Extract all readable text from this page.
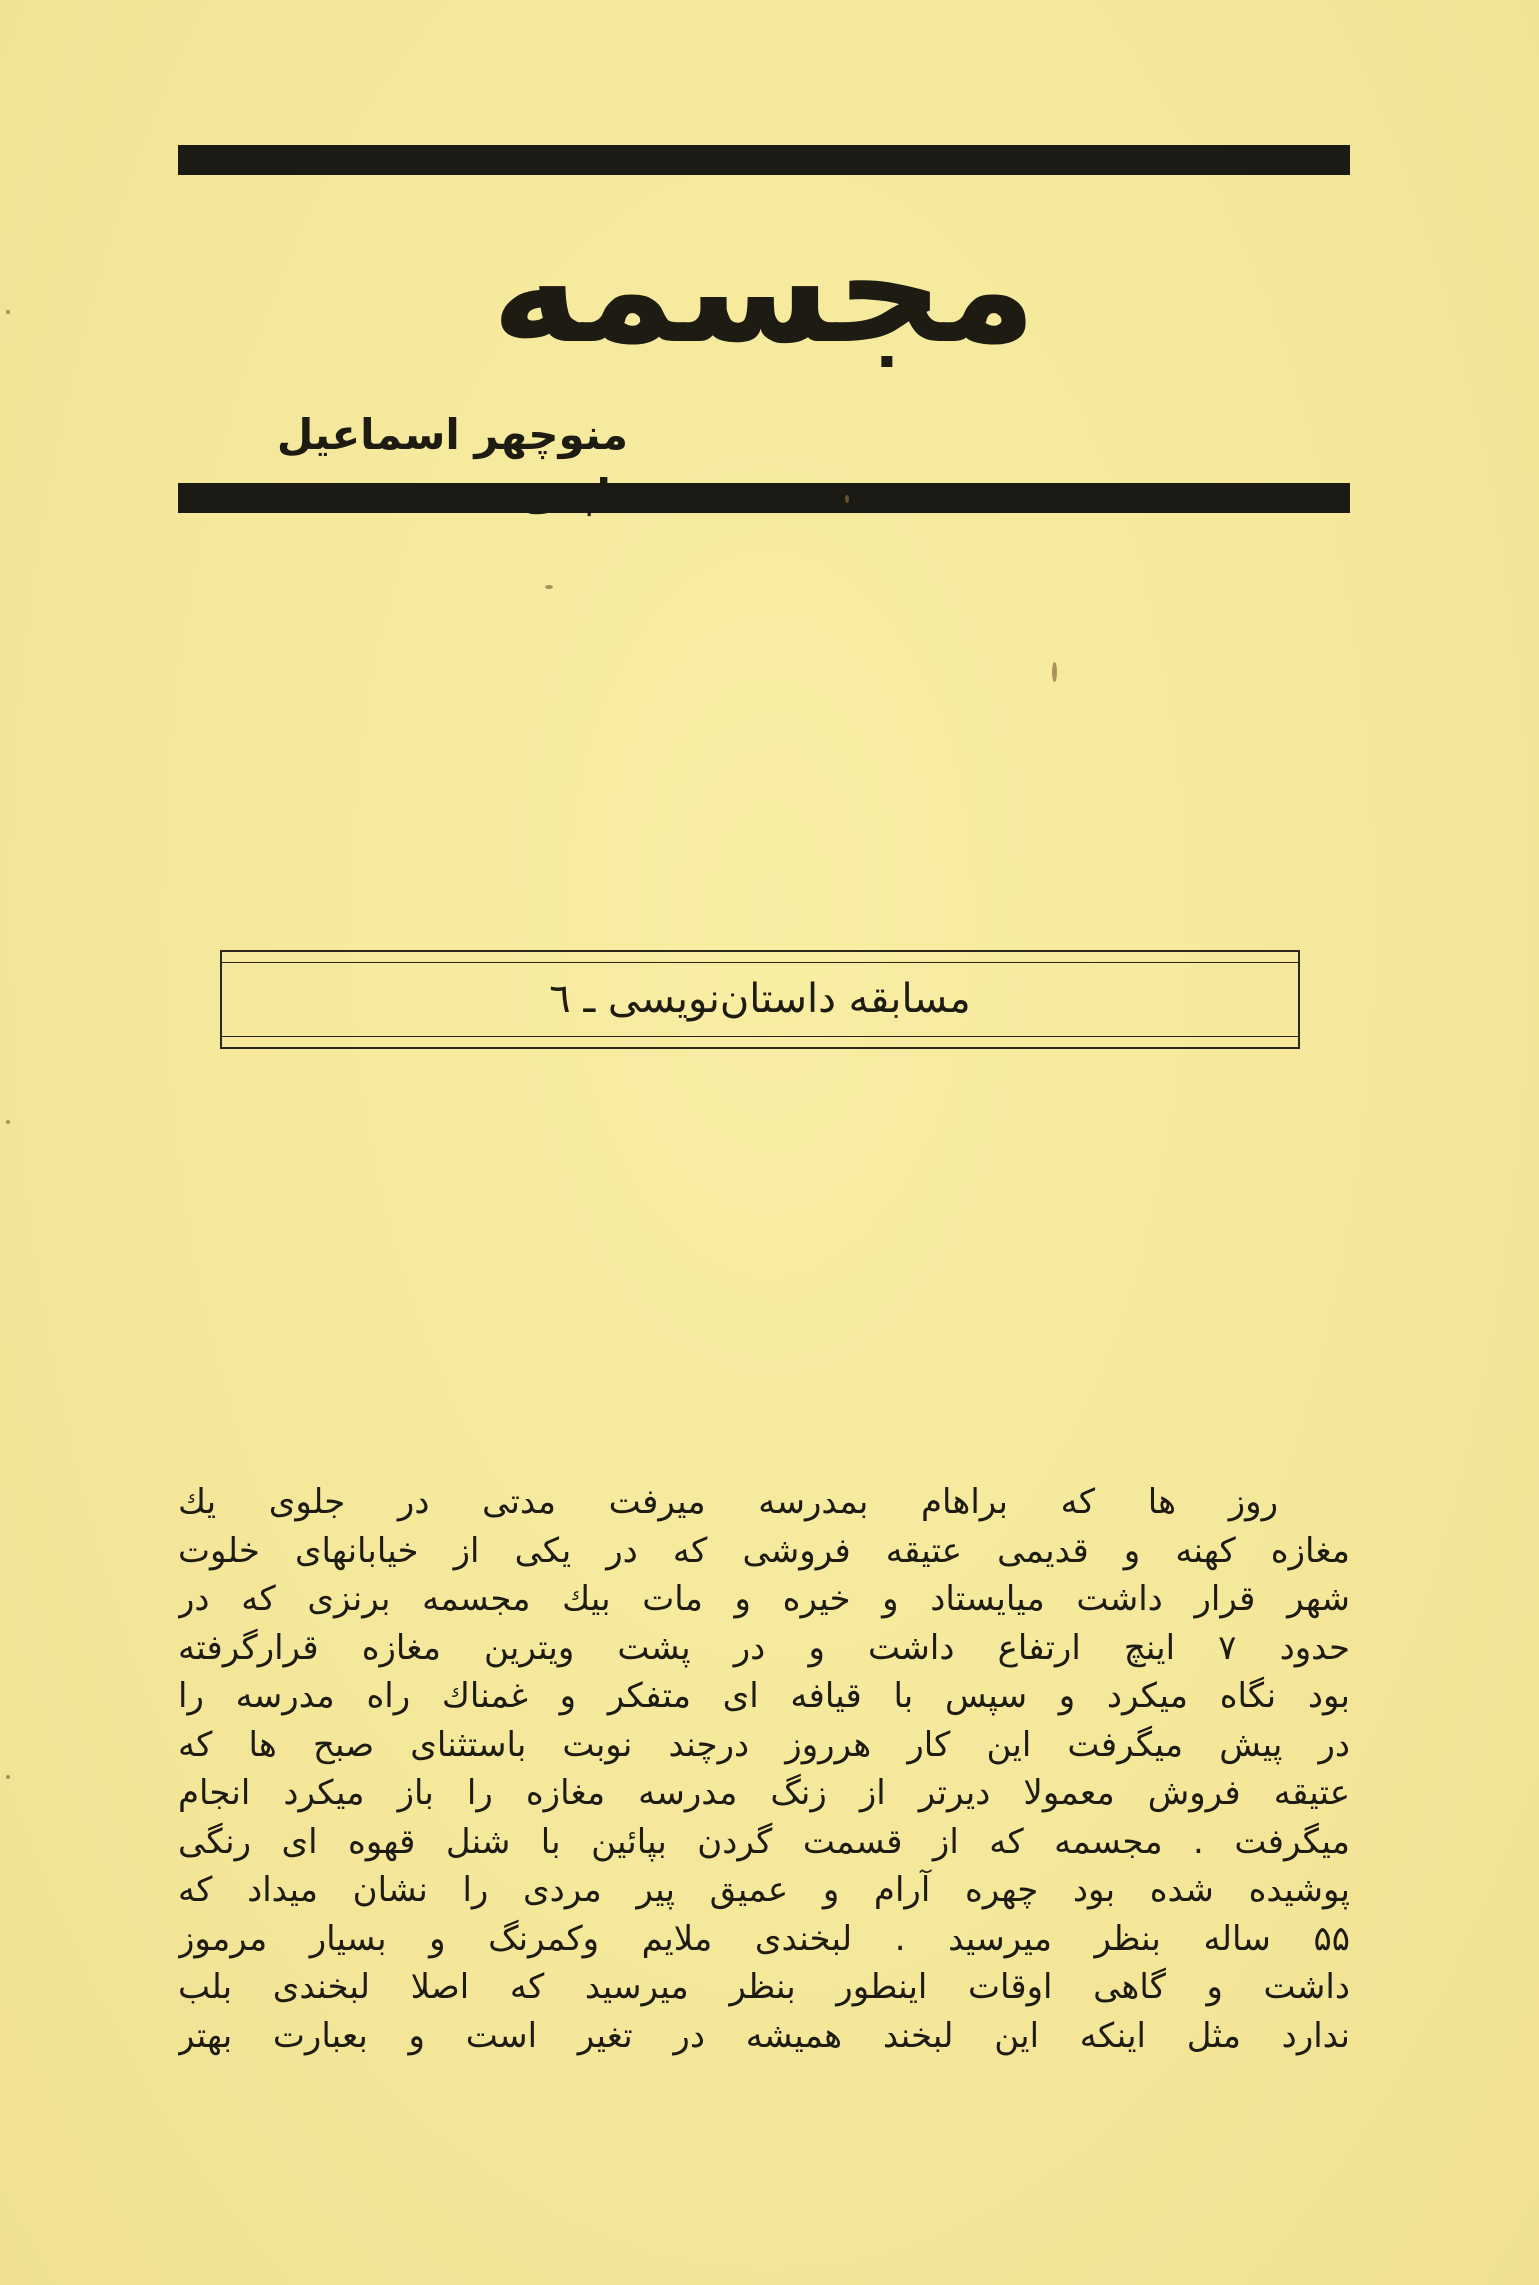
مجسمه
منوچهر اسماعیل
مسابقه داستان‌نویسی ـ ٦
روز ها که براهام بمدرسه میرفت مدتی در جلوی یك
مغازه کهنه و قدیمی عتیقه فروشی که در یکی از خیابانهای خلوت
شهر قرار داشت میایستاد و خیره و مات بیك مجسمه برنزی که در
حدود ۷ اینچ ارتفاع داشت و در پشت ویترین مغازه قرارگرفته
بود نگاه میکرد و سپس با قیافه ای متفکر و غمناك راه مدرسه را
در پیش میگرفت این کار هرروز درچند نوبت باستثنای صبح ها که
عتیقه فروش معمولا دیرتر از زنگ مدرسه مغازه را باز میکرد انجام
میگرفت . مجسمه که از قسمت گردن بپائین با شنل قهوه ای رنگی
پوشیده شده بود چهره آرام و عمیق پیر مردی را نشان میداد که
۵۵ ساله بنظر میرسید . لبخندی ملایم وکمرنگ و بسیار مرموز
داشت و گاهی اوقات اینطور بنظر میرسید که اصلا لبخندی بلب
ندارد مثل اینکه این لبخند همیشه در تغیر است و بعبارت بهتر
